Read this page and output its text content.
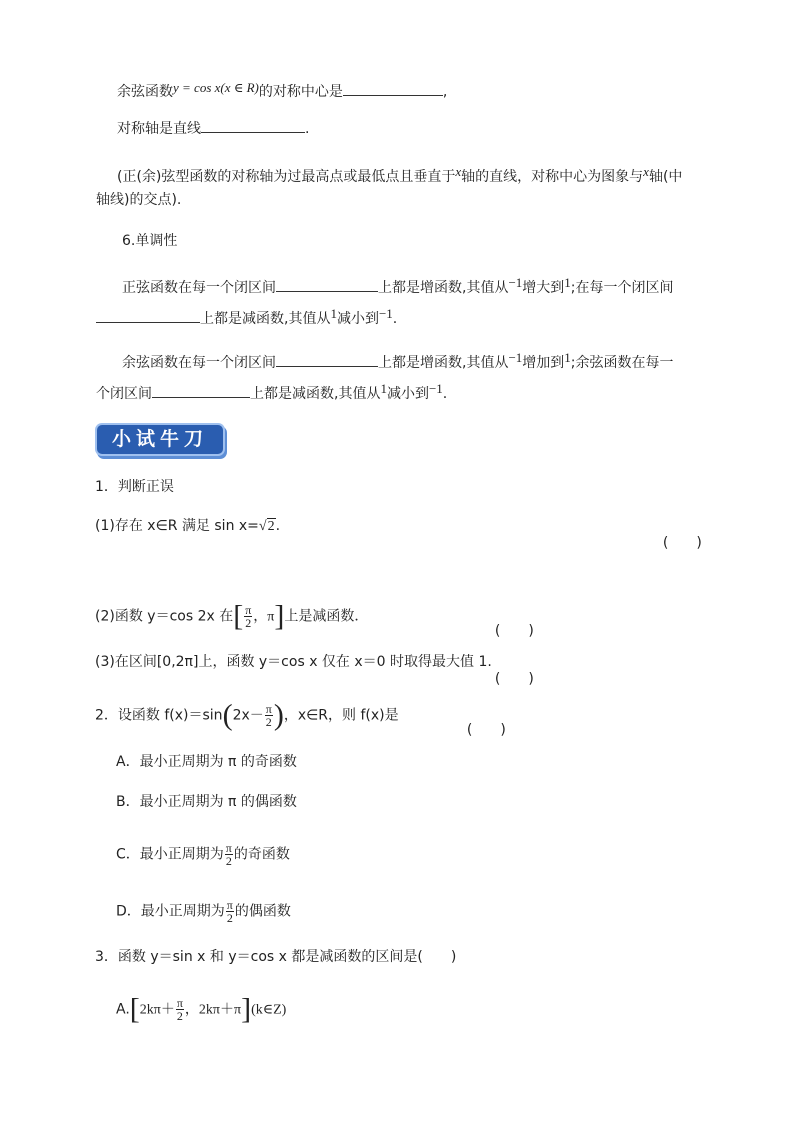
余弦函数y = cos x(x ∈ R)的对称中心是	,
对称轴是直线	.
(正(余)弦型函数的对称轴为过最高点或最低点且垂直于x轴的直线，对称中心为图象与x轴(中
轴线)的交点).
6.单调性
正弦函数在每一个闭区间	上都是增函数,其值从−1增大到1;在每一个闭区间
上都是减函数,其值从1减小到−1.
余弦函数在每一个闭区间	上都是增函数,其值从−1增加到1;余弦函数在每一
个闭区间	上都是减函数,其值从1减小到−1.
小试牛刀
1．判断正误
(1)存在 x∈R 满足 sin x=√2.

(　　)

(2)函数 y＝cos 2x 在[ $\frac{\pi}{2}$ ，π]上是减函数．

(　　)

(3)在区间[0,2π]上，函数 y＝cos x 仅在 x＝0 时取得最大值 1.

(　　)

2．设函数 $f(x)=\sin(2x- \frac{\pi}{2}$ )，x∈R，则 f(x)是

(　　)

A．最小正周期为 π 的奇函数
B．最小正周期为 π 的偶函数
C．最小正周期为 $\frac{\pi}{2}$ 的奇函数
D．最小正周期为 $\frac{\pi}{2}$ 的偶函数
3．函数 y＝sin x 和 y＝cos x 都是减函数的区间是(　　)
$A.[2k\pi+ \frac{\pi}{2}$ ，2kπ＋π](k∈Z)
